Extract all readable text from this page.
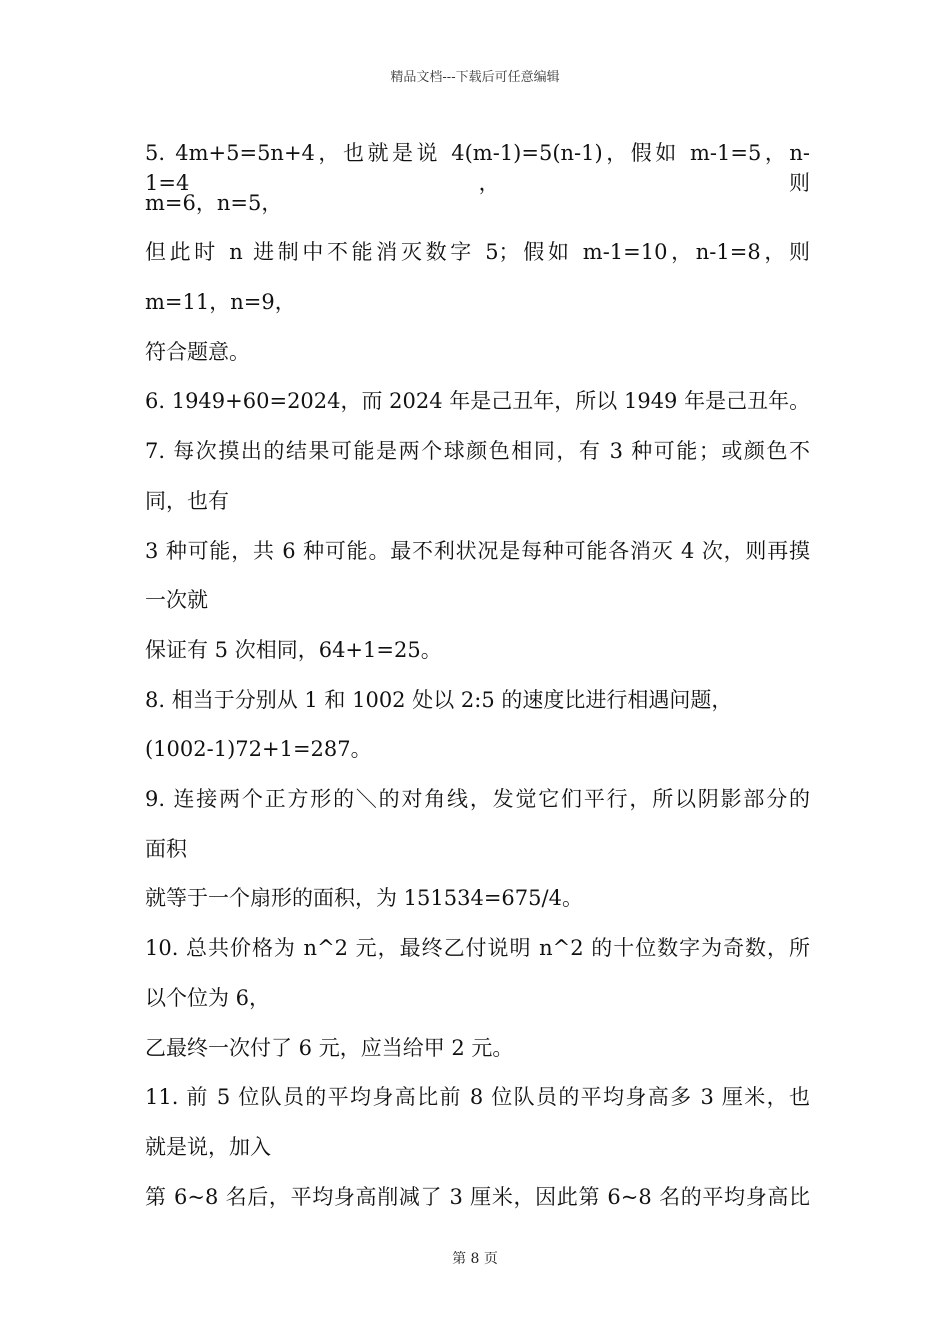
精品文档---下载后可任意编辑
5. 4m+5=5n+4，也就是说 4(m-1)=5(n-1)，假如 m-1=5，n-1=4，则
m=6，n=5，
但此时 n 进制中不能消灭数字 5；假如 m-1=10，n-1=8，则
m=11，n=9，
符合题意。
6. 1949+60=2024，而 2024 年是己丑年，所以 1949 年是己丑年。
7. 每次摸出的结果可能是两个球颜色相同，有 3 种可能；或颜色不
同，也有
3 种可能，共 6 种可能。最不利状况是每种可能各消灭 4 次，则再摸
一次就
保证有 5 次相同，64+1=25。
8. 相当于分别从 1 和 1002 处以 2:5 的速度比进行相遇问题，
(1002-1)72+1=287。
9. 连接两个正方形的＼的对角线，发觉它们平行，所以阴影部分的
面积
就等于一个扇形的面积，为 151534=675/4。
10. 总共价格为 n^2 元，最终乙付说明 n^2 的十位数字为奇数，所
以个位为 6，
乙最终一次付了 6 元，应当给甲 2 元。
11. 前 5 位队员的平均身高比前 8 位队员的平均身高多 3 厘米，也
就是说，加入
第 6~8 名后，平均身高削减了 3 厘米，因此第 6~8 名的平均身高比
第 8 页
